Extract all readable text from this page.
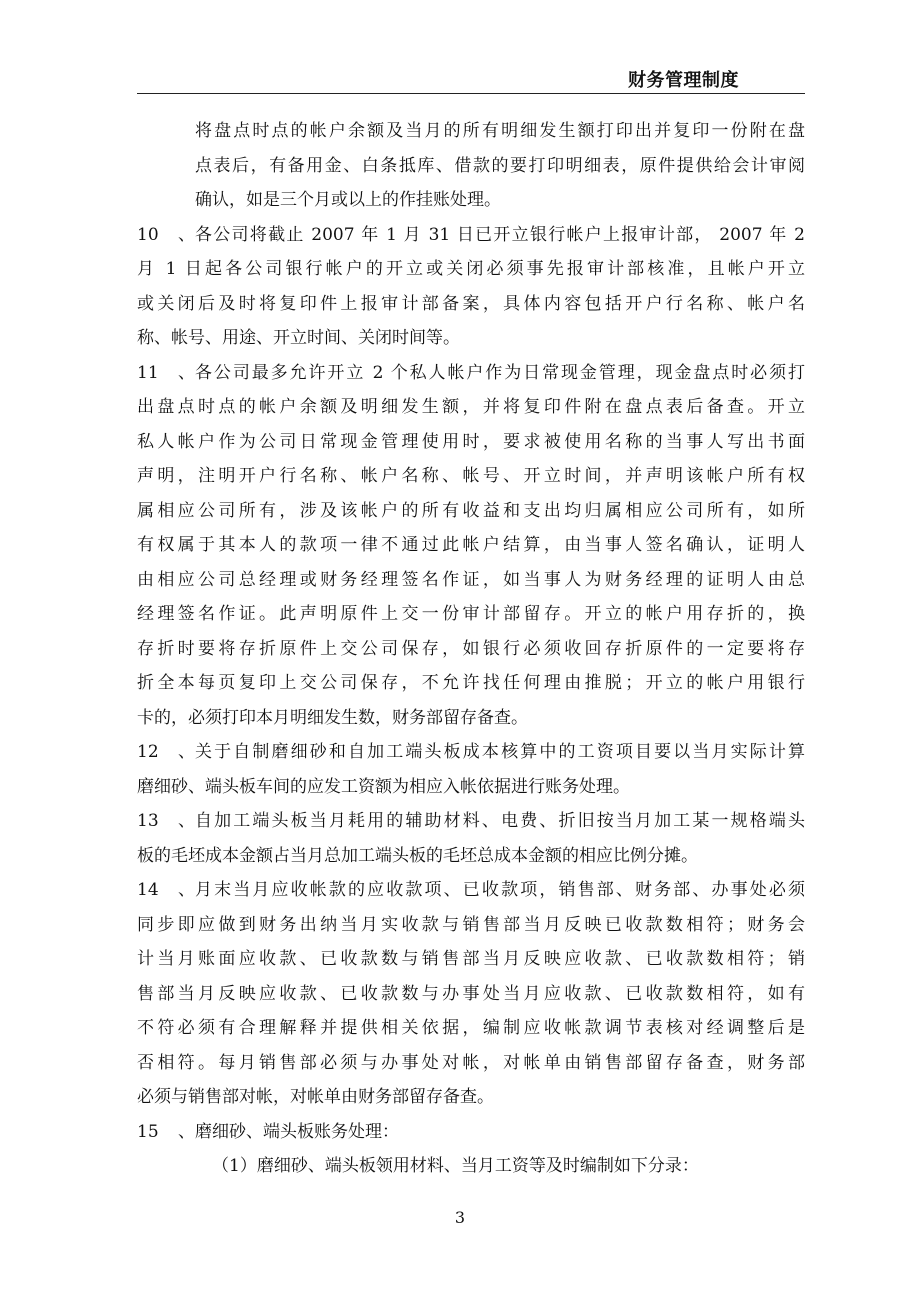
财务管理制度
将盘点时点的帐户余额及当月的所有明细发生额打印出并复印一份附在盘
点表后，有备用金、白条抵库、借款的要打印明细表，原件提供给会计审阅
确认，如是三个月或以上的作挂账处理。
10、 各公司将截止 2007 年 1 月 31 日已开立银行帐户上报审计部， 2007 年 2
月 1 日起各公司银行帐户的开立或关闭必须事先报审计部核准，且帐户开立
或关闭后及时将复印件上报审计部备案，具体内容包括开户行名称、帐户名
称、帐号、用途、开立时间、关闭时间等。
11、 各公司最多允许开立 2 个私人帐户作为日常现金管理，现金盘点时必须打
出盘点时点的帐户余额及明细发生额，并将复印件附在盘点表后备查。开立
私人帐户作为公司日常现金管理使用时，要求被使用名称的当事人写出书面
声明，注明开户行名称、帐户名称、帐号、开立时间，并声明该帐户所有权
属相应公司所有，涉及该帐户的所有收益和支出均归属相应公司所有，如所
有权属于其本人的款项一律不通过此帐户结算，由当事人签名确认，证明人
由相应公司总经理或财务经理签名作证，如当事人为财务经理的证明人由总
经理签名作证。此声明原件上交一份审计部留存。开立的帐户用存折的，换
存折时要将存折原件上交公司保存，如银行必须收回存折原件的一定要将存
折全本每页复印上交公司保存，不允许找任何理由推脱；开立的帐户用银行
卡的，必须打印本月明细发生数，财务部留存备查。
12、 关于自制磨细砂和自加工端头板成本核算中的工资项目要以当月实际计算
磨细砂、端头板车间的应发工资额为相应入帐依据进行账务处理。
13、 自加工端头板当月耗用的辅助材料、电费、折旧按当月加工某一规格端头
板的毛坯成本金额占当月总加工端头板的毛坯总成本金额的相应比例分摊。
14、 月末当月应收帐款的应收款项、已收款项，销售部、财务部、办事处必须
同步即应做到财务出纳当月实收款与销售部当月反映已收款数相符；财务会
计当月账面应收款、已收款数与销售部当月反映应收款、已收款数相符；销
售部当月反映应收款、已收款数与办事处当月应收款、已收款数相符，如有
不符必须有合理解释并提供相关依据，编制应收帐款调节表核对经调整后是
否相符。每月销售部必须与办事处对帐，对帐单由销售部留存备查，财务部
必须与销售部对帐，对帐单由财务部留存备查。
15、 磨细砂、端头板账务处理：
（1）磨细砂、端头板领用材料、当月工资等及时编制如下分录：
3
